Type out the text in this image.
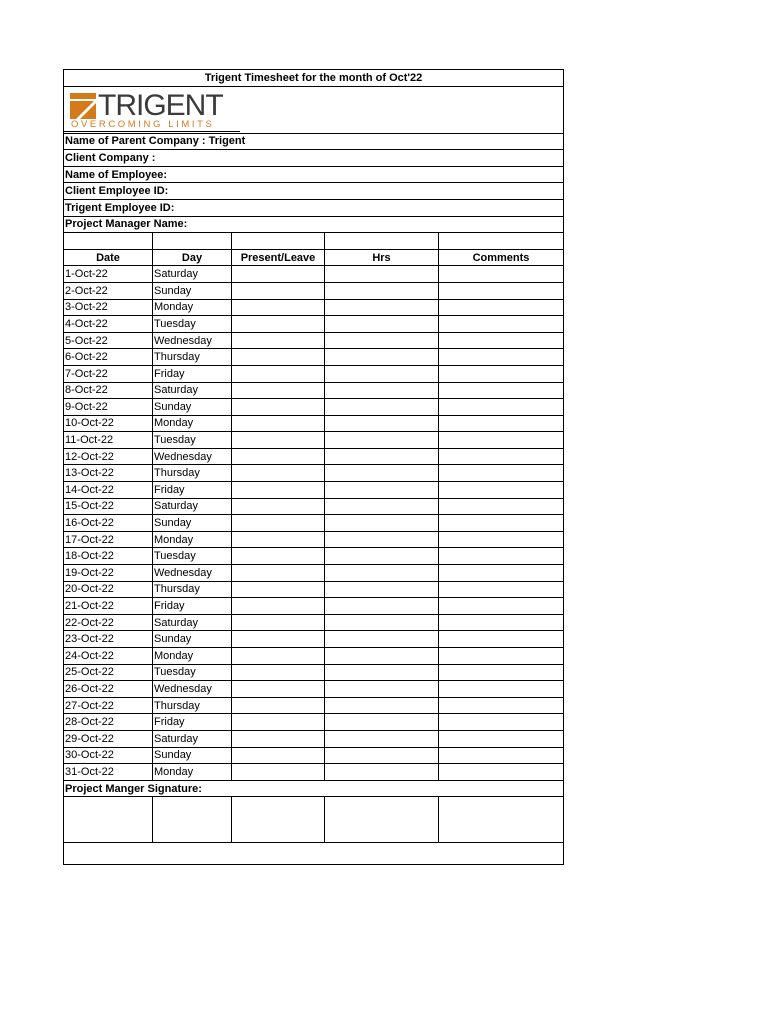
Trigent Timesheet for the month of Oct'22				

TRIGENT
OVERCOMING LIMITS				

Name of Parent Company : Trigent				
Client Company :				
Name of Employee:				
Client Employee ID:				
Trigent Employee ID:				
Project Manager Name:				

Date	Day	Present/Leave	Hrs	Comments
1-Oct-22	Saturday			
2-Oct-22	Sunday			
3-Oct-22	Monday			
4-Oct-22	Tuesday			
5-Oct-22	Wednesday			
6-Oct-22	Thursday			
7-Oct-22	Friday			
8-Oct-22	Saturday			
9-Oct-22	Sunday			
10-Oct-22	Monday			
11-Oct-22	Tuesday			
12-Oct-22	Wednesday			
13-Oct-22	Thursday			
14-Oct-22	Friday			
15-Oct-22	Saturday			
16-Oct-22	Sunday			
17-Oct-22	Monday			
18-Oct-22	Tuesday			
19-Oct-22	Wednesday			
20-Oct-22	Thursday			
21-Oct-22	Friday			
22-Oct-22	Saturday			
23-Oct-22	Sunday			
24-Oct-22	Monday			
25-Oct-22	Tuesday			
26-Oct-22	Wednesday			
27-Oct-22	Thursday			
28-Oct-22	Friday			
29-Oct-22	Saturday			
30-Oct-22	Sunday			
31-Oct-22	Monday			
Project Manger Signature:				
